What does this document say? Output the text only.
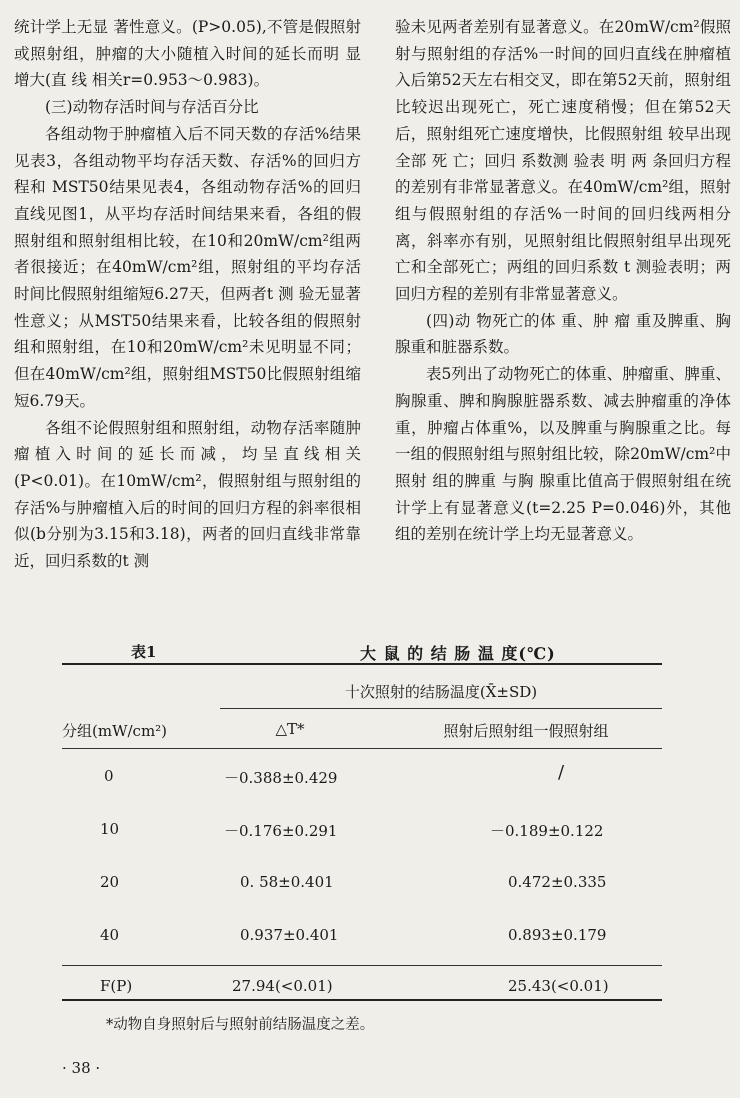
统计学上无显 著性意义。(P>0.05),不管是假照射或照射组，肿瘤的大小随植入时间的延长而明 显 增大(直 线 相关r=0.953～0.983)。

(三)动物存活时间与存活百分比

各组动物于肿瘤植入后不同天数的存活%结果见表3，各组动物平均存活天数、存活%的回归方程和 MST50结果见表4，各组动物存活%的回归直线见图1，从平均存活时间结果来看，各组的假照射组和照射组相比较，在10和20mW/cm²组两者很接近；在40mW/cm²组，照射组的平均存活时间比假照射组缩短6.27天，但两者t 测 验无显著性意义；从MST50结果来看，比较各组的假照射组和照射组，在10和20mW/cm²未见明显不同；但在40mW/cm²组，照射组MST50比假照射组缩短6.79天。

各组不论假照射组和照射组，动物存活率随肿瘤植入时间的延长而减，均呈直线相关(P<0.01)。在10mW/cm²，假照射组与照射组的存活%与肿瘤植入后的时间的回归方程的斜率很相似(b分别为3.15和3.18)，两者的回归直线非常靠近，回归系数的t 测

验未见两者差别有显著意义。在20mW/cm²假照射与照射组的存活%一时间的回归直线在肿瘤植入后第52天左右相交叉，即在第52天前，照射组比较迟出现死亡，死亡速度稍慢；但在第52天后，照射组死亡速度增快，比假照射组 较早出现全部 死 亡；回归 系数测 验表 明 两 条回归方程的差别有非常显著意义。在40mW/cm²组，照射组与假照射组的存活%一时间的回归线两相分离，斜率亦有别，见照射组比假照射组早出现死亡和全部死亡；两组的回归系数 t 测验表明；两回归方程的差别有非常显著意义。

(四)动 物死亡的体 重、肿 瘤 重及脾重、胸腺重和脏器系数。

表5列出了动物死亡的体重、肿瘤重、脾重、胸腺重、脾和胸腺脏器系数、减去肿瘤重的净体重，肿瘤占体重%，以及脾重与胸腺重之比。每一组的假照射组与照射组比较，除20mW/cm²中照射 组的脾重 与胸 腺重比值高于假照射组在统计学上有显著意义(t=2.25 P=0.046)外，其他组的差别在统计学上均无显著意义。

表1	大 鼠 的 结 肠 温 度(℃)
十次照射的结肠温度(X̄±SD)
分组(mW/cm²)	△T*	照射后照射组一假照射组
0	－0.388±0.429	/
10	－0.176±0.291	－0.189±0.122
20	0. 58±0.401	0.472±0.335
40	0.937±0.401	0.893±0.179
F(P)	27.94(<0.01)	25.43(<0.01)
*动物自身照射后与照射前结肠温度之差。
· 38 ·
